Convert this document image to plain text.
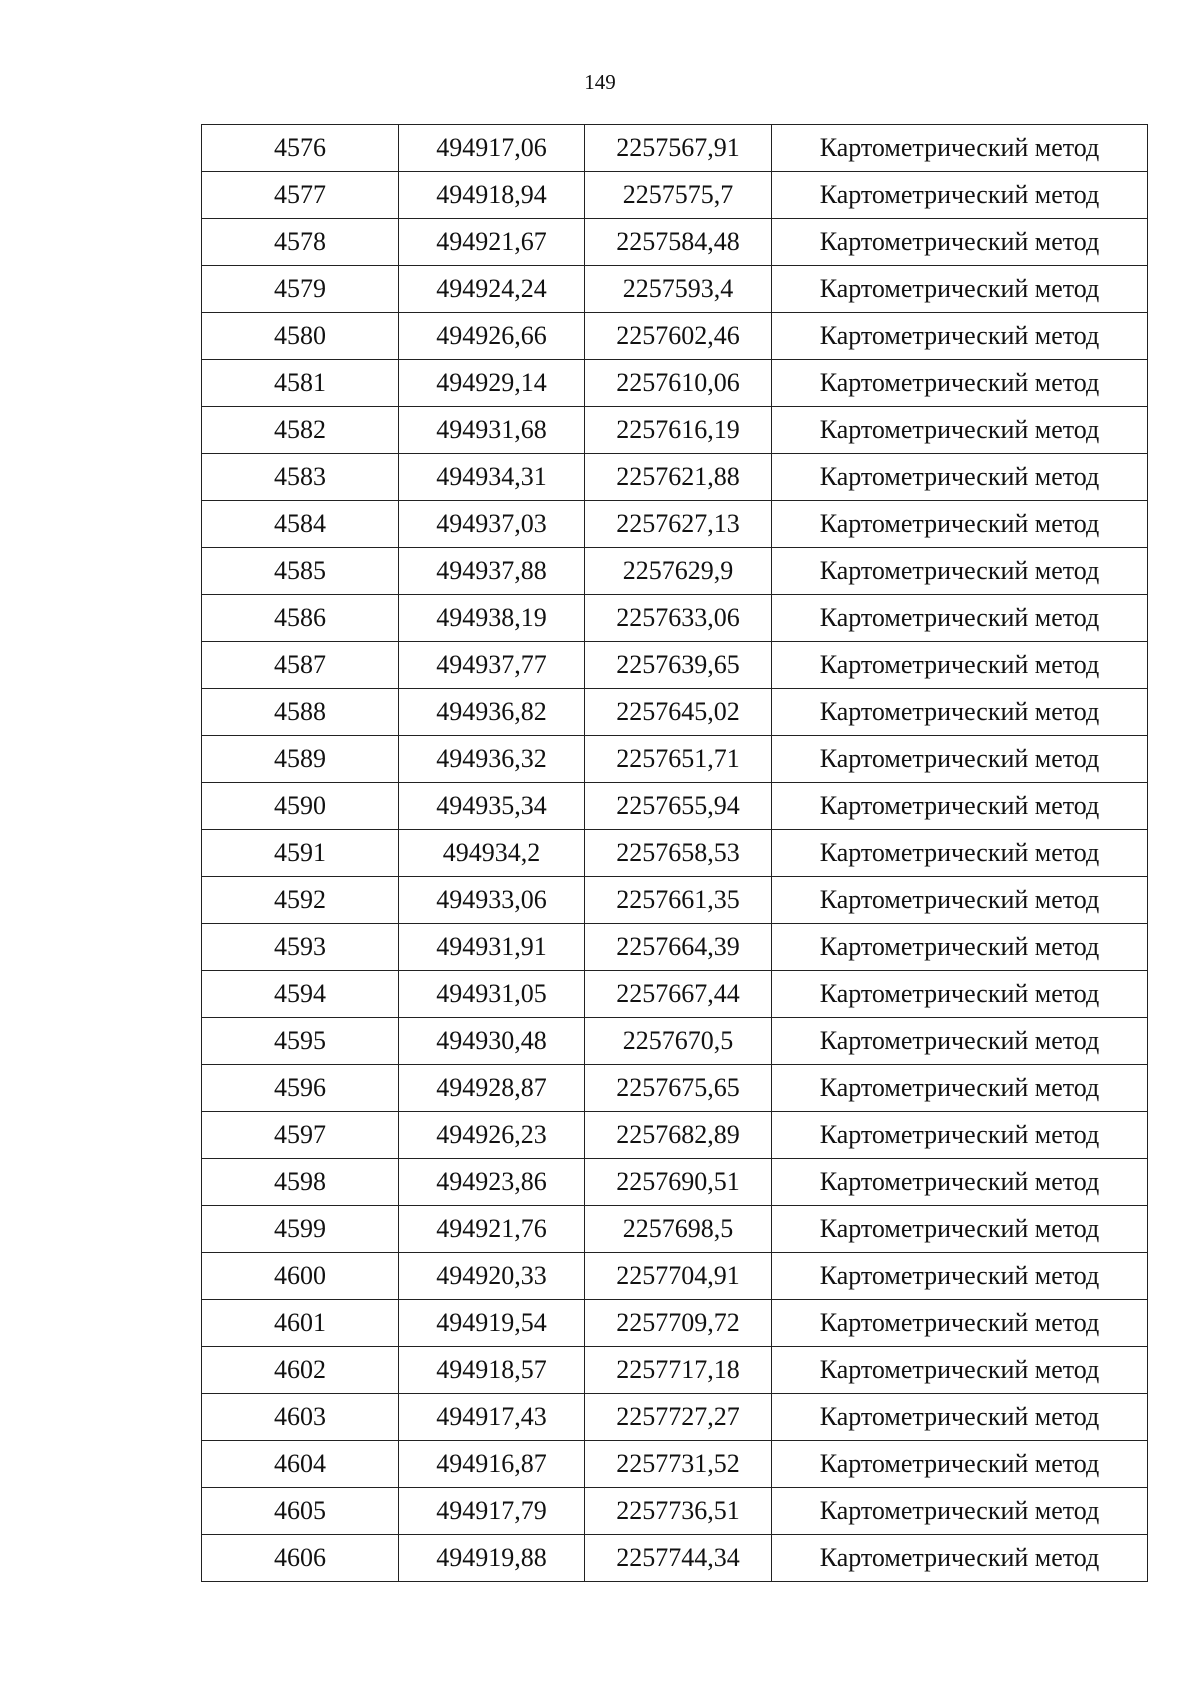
149
4576	494917,06	2257567,91	Картометрический метод
4577	494918,94	2257575,7	Картометрический метод
4578	494921,67	2257584,48	Картометрический метод
4579	494924,24	2257593,4	Картометрический метод
4580	494926,66	2257602,46	Картометрический метод
4581	494929,14	2257610,06	Картометрический метод
4582	494931,68	2257616,19	Картометрический метод
4583	494934,31	2257621,88	Картометрический метод
4584	494937,03	2257627,13	Картометрический метод
4585	494937,88	2257629,9	Картометрический метод
4586	494938,19	2257633,06	Картометрический метод
4587	494937,77	2257639,65	Картометрический метод
4588	494936,82	2257645,02	Картометрический метод
4589	494936,32	2257651,71	Картометрический метод
4590	494935,34	2257655,94	Картометрический метод
4591	494934,2	2257658,53	Картометрический метод
4592	494933,06	2257661,35	Картометрический метод
4593	494931,91	2257664,39	Картометрический метод
4594	494931,05	2257667,44	Картометрический метод
4595	494930,48	2257670,5	Картометрический метод
4596	494928,87	2257675,65	Картометрический метод
4597	494926,23	2257682,89	Картометрический метод
4598	494923,86	2257690,51	Картометрический метод
4599	494921,76	2257698,5	Картометрический метод
4600	494920,33	2257704,91	Картометрический метод
4601	494919,54	2257709,72	Картометрический метод
4602	494918,57	2257717,18	Картометрический метод
4603	494917,43	2257727,27	Картометрический метод
4604	494916,87	2257731,52	Картометрический метод
4605	494917,79	2257736,51	Картометрический метод
4606	494919,88	2257744,34	Картометрический метод
